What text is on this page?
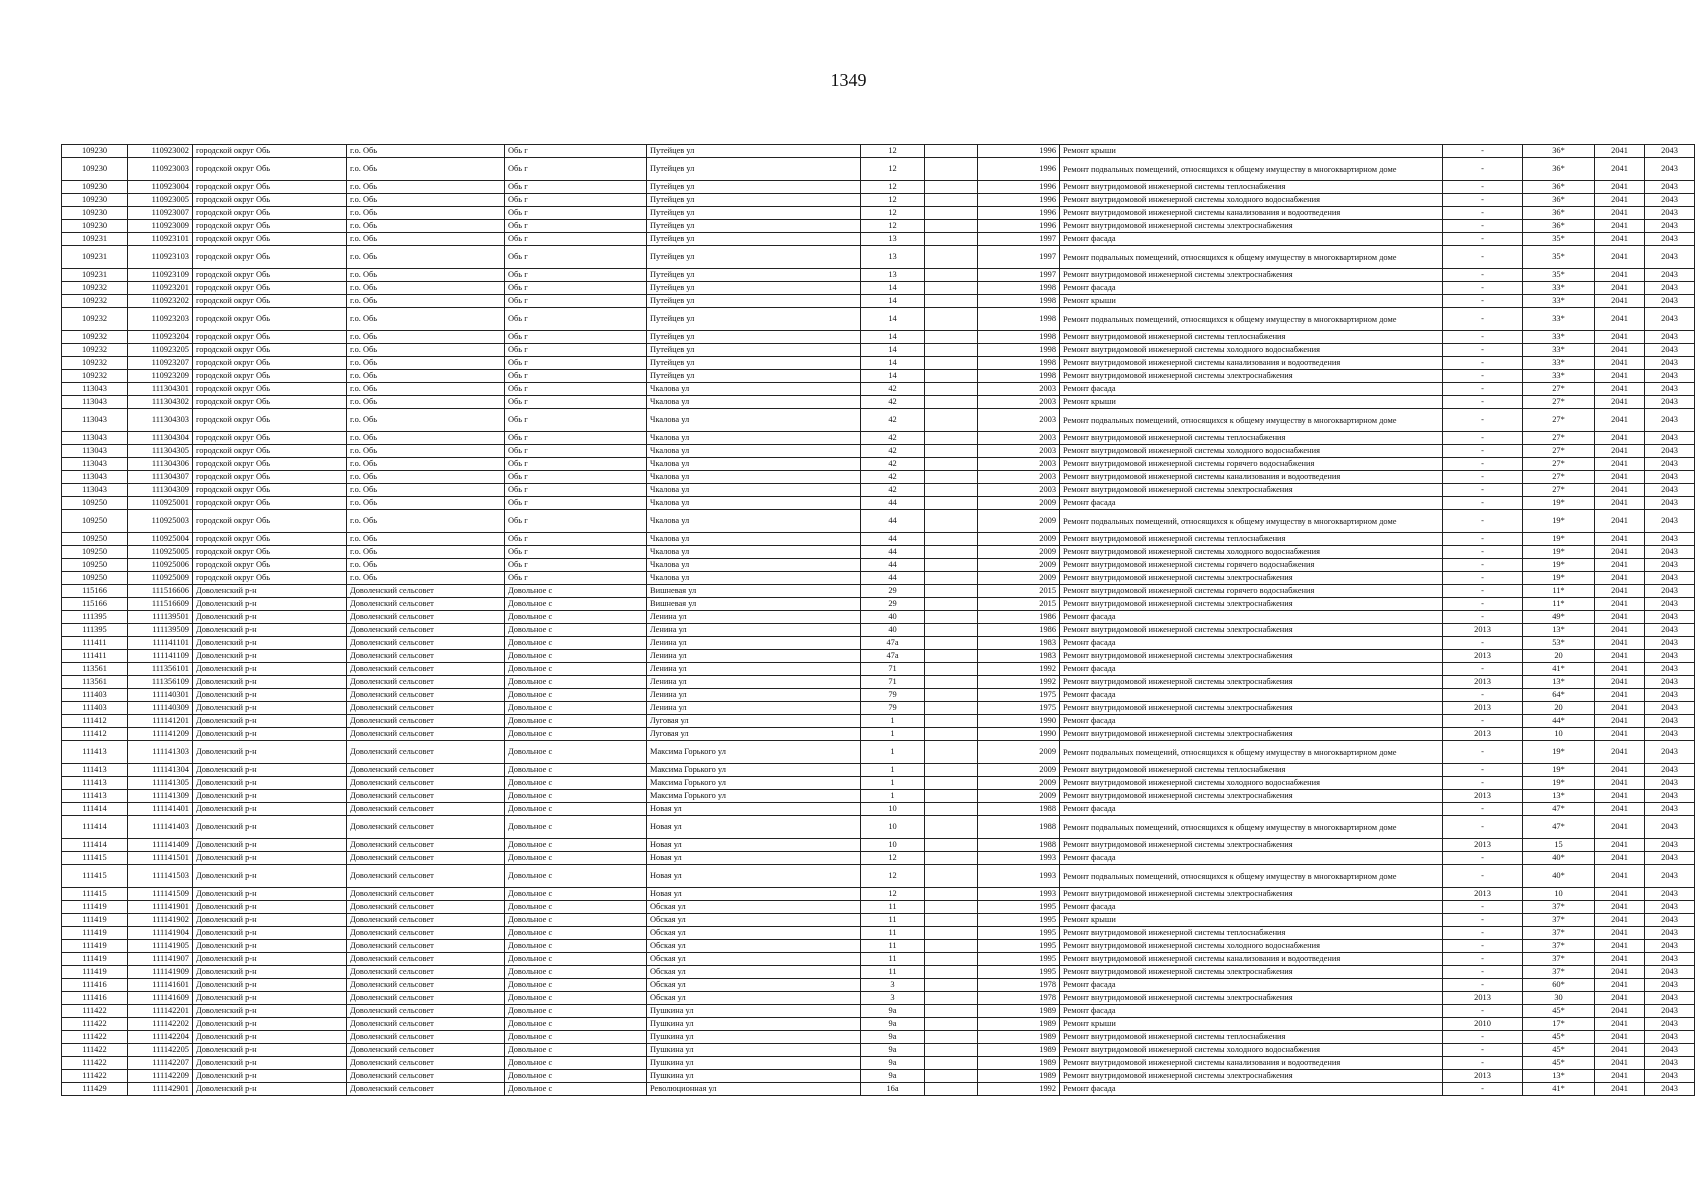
1349
109230	110923002	городской округ Обь	г.о. Обь	Обь г	Путейцев ул	12		1996	Ремонт крыши	-	36*	2041	2043
109230	110923003	городской округ Обь	г.о. Обь	Обь г	Путейцев ул	12		1996	Ремонт подвальных помещений, относящихся к общему имуществу в многоквартирном доме	-	36*	2041	2043
109230	110923004	городской округ Обь	г.о. Обь	Обь г	Путейцев ул	12		1996	Ремонт внутридомовой инженерной системы теплоснабжения	-	36*	2041	2043
109230	110923005	городской округ Обь	г.о. Обь	Обь г	Путейцев ул	12		1996	Ремонт внутридомовой инженерной системы холодного водоснабжения	-	36*	2041	2043
109230	110923007	городской округ Обь	г.о. Обь	Обь г	Путейцев ул	12		1996	Ремонт внутридомовой инженерной системы канализования и водоотведения	-	36*	2041	2043
109230	110923009	городской округ Обь	г.о. Обь	Обь г	Путейцев ул	12		1996	Ремонт внутридомовой инженерной системы электроснабжения	-	36*	2041	2043
109231	110923101	городской округ Обь	г.о. Обь	Обь г	Путейцев ул	13		1997	Ремонт фасада	-	35*	2041	2043
109231	110923103	городской округ Обь	г.о. Обь	Обь г	Путейцев ул	13		1997	Ремонт подвальных помещений, относящихся к общему имуществу в многоквартирном доме	-	35*	2041	2043
109231	110923109	городской округ Обь	г.о. Обь	Обь г	Путейцев ул	13		1997	Ремонт внутридомовой инженерной системы электроснабжения	-	35*	2041	2043
109232	110923201	городской округ Обь	г.о. Обь	Обь г	Путейцев ул	14		1998	Ремонт фасада	-	33*	2041	2043
109232	110923202	городской округ Обь	г.о. Обь	Обь г	Путейцев ул	14		1998	Ремонт крыши	-	33*	2041	2043
109232	110923203	городской округ Обь	г.о. Обь	Обь г	Путейцев ул	14		1998	Ремонт подвальных помещений, относящихся к общему имуществу в многоквартирном доме	-	33*	2041	2043
109232	110923204	городской округ Обь	г.о. Обь	Обь г	Путейцев ул	14		1998	Ремонт внутридомовой инженерной системы теплоснабжения	-	33*	2041	2043
109232	110923205	городской округ Обь	г.о. Обь	Обь г	Путейцев ул	14		1998	Ремонт внутридомовой инженерной системы холодного водоснабжения	-	33*	2041	2043
109232	110923207	городской округ Обь	г.о. Обь	Обь г	Путейцев ул	14		1998	Ремонт внутридомовой инженерной системы канализования и водоотведения	-	33*	2041	2043
109232	110923209	городской округ Обь	г.о. Обь	Обь г	Путейцев ул	14		1998	Ремонт внутридомовой инженерной системы электроснабжения	-	33*	2041	2043
113043	111304301	городской округ Обь	г.о. Обь	Обь г	Чкалова ул	42		2003	Ремонт фасада	-	27*	2041	2043
113043	111304302	городской округ Обь	г.о. Обь	Обь г	Чкалова ул	42		2003	Ремонт крыши	-	27*	2041	2043
113043	111304303	городской округ Обь	г.о. Обь	Обь г	Чкалова ул	42		2003	Ремонт подвальных помещений, относящихся к общему имуществу в многоквартирном доме	-	27*	2041	2043
113043	111304304	городской округ Обь	г.о. Обь	Обь г	Чкалова ул	42		2003	Ремонт внутридомовой инженерной системы теплоснабжения	-	27*	2041	2043
113043	111304305	городской округ Обь	г.о. Обь	Обь г	Чкалова ул	42		2003	Ремонт внутридомовой инженерной системы холодного водоснабжения	-	27*	2041	2043
113043	111304306	городской округ Обь	г.о. Обь	Обь г	Чкалова ул	42		2003	Ремонт внутридомовой инженерной системы горячего водоснабжения	-	27*	2041	2043
113043	111304307	городской округ Обь	г.о. Обь	Обь г	Чкалова ул	42		2003	Ремонт внутридомовой инженерной системы канализования и водоотведения	-	27*	2041	2043
113043	111304309	городской округ Обь	г.о. Обь	Обь г	Чкалова ул	42		2003	Ремонт внутридомовой инженерной системы электроснабжения	-	27*	2041	2043
109250	110925001	городской округ Обь	г.о. Обь	Обь г	Чкалова ул	44		2009	Ремонт фасада	-	19*	2041	2043
109250	110925003	городской округ Обь	г.о. Обь	Обь г	Чкалова ул	44		2009	Ремонт подвальных помещений, относящихся к общему имуществу в многоквартирном доме	-	19*	2041	2043
109250	110925004	городской округ Обь	г.о. Обь	Обь г	Чкалова ул	44		2009	Ремонт внутридомовой инженерной системы теплоснабжения	-	19*	2041	2043
109250	110925005	городской округ Обь	г.о. Обь	Обь г	Чкалова ул	44		2009	Ремонт внутридомовой инженерной системы холодного водоснабжения	-	19*	2041	2043
109250	110925006	городской округ Обь	г.о. Обь	Обь г	Чкалова ул	44		2009	Ремонт внутридомовой инженерной системы горячего водоснабжения	-	19*	2041	2043
109250	110925009	городской округ Обь	г.о. Обь	Обь г	Чкалова ул	44		2009	Ремонт внутридомовой инженерной системы электроснабжения	-	19*	2041	2043
115166	111516606	Доволенский р-н	Доволенский сельсовет	Довольное с	Вишневая ул	29		2015	Ремонт внутридомовой инженерной системы горячего водоснабжения	-	11*	2041	2043
115166	111516609	Доволенский р-н	Доволенский сельсовет	Довольное с	Вишневая ул	29		2015	Ремонт внутридомовой инженерной системы электроснабжения	-	11*	2041	2043
111395	111139501	Доволенский р-н	Доволенский сельсовет	Довольное с	Ленина ул	40		1986	Ремонт фасада	-	49*	2041	2043
111395	111139509	Доволенский р-н	Доволенский сельсовет	Довольное с	Ленина ул	40		1986	Ремонт внутридомовой инженерной системы электроснабжения	2013	13*	2041	2043
111411	111141101	Доволенский р-н	Доволенский сельсовет	Довольное с	Ленина ул	47а		1983	Ремонт фасада	-	53*	2041	2043
111411	111141109	Доволенский р-н	Доволенский сельсовет	Довольное с	Ленина ул	47а		1983	Ремонт внутридомовой инженерной системы электроснабжения	2013	20	2041	2043
113561	111356101	Доволенский р-н	Доволенский сельсовет	Довольное с	Ленина ул	71		1992	Ремонт фасада	-	41*	2041	2043
113561	111356109	Доволенский р-н	Доволенский сельсовет	Довольное с	Ленина ул	71		1992	Ремонт внутридомовой инженерной системы электроснабжения	2013	13*	2041	2043
111403	111140301	Доволенский р-н	Доволенский сельсовет	Довольное с	Ленина ул	79		1975	Ремонт фасада	-	64*	2041	2043
111403	111140309	Доволенский р-н	Доволенский сельсовет	Довольное с	Ленина ул	79		1975	Ремонт внутридомовой инженерной системы электроснабжения	2013	20	2041	2043
111412	111141201	Доволенский р-н	Доволенский сельсовет	Довольное с	Луговая ул	1		1990	Ремонт фасада	-	44*	2041	2043
111412	111141209	Доволенский р-н	Доволенский сельсовет	Довольное с	Луговая ул	1		1990	Ремонт внутридомовой инженерной системы электроснабжения	2013	10	2041	2043
111413	111141303	Доволенский р-н	Доволенский сельсовет	Довольное с	Максима Горького ул	1		2009	Ремонт подвальных помещений, относящихся к общему имуществу в многоквартирном доме	-	19*	2041	2043
111413	111141304	Доволенский р-н	Доволенский сельсовет	Довольное с	Максима Горького ул	1		2009	Ремонт внутридомовой инженерной системы теплоснабжения	-	19*	2041	2043
111413	111141305	Доволенский р-н	Доволенский сельсовет	Довольное с	Максима Горького ул	1		2009	Ремонт внутридомовой инженерной системы холодного водоснабжения	-	19*	2041	2043
111413	111141309	Доволенский р-н	Доволенский сельсовет	Довольное с	Максима Горького ул	1		2009	Ремонт внутридомовой инженерной системы электроснабжения	2013	13*	2041	2043
111414	111141401	Доволенский р-н	Доволенский сельсовет	Довольное с	Новая ул	10		1988	Ремонт фасада	-	47*	2041	2043
111414	111141403	Доволенский р-н	Доволенский сельсовет	Довольное с	Новая ул	10		1988	Ремонт подвальных помещений, относящихся к общему имуществу в многоквартирном доме	-	47*	2041	2043
111414	111141409	Доволенский р-н	Доволенский сельсовет	Довольное с	Новая ул	10		1988	Ремонт внутридомовой инженерной системы электроснабжения	2013	15	2041	2043
111415	111141501	Доволенский р-н	Доволенский сельсовет	Довольное с	Новая ул	12		1993	Ремонт фасада	-	40*	2041	2043
111415	111141503	Доволенский р-н	Доволенский сельсовет	Довольное с	Новая ул	12		1993	Ремонт подвальных помещений, относящихся к общему имуществу в многоквартирном доме	-	40*	2041	2043
111415	111141509	Доволенский р-н	Доволенский сельсовет	Довольное с	Новая ул	12		1993	Ремонт внутридомовой инженерной системы электроснабжения	2013	10	2041	2043
111419	111141901	Доволенский р-н	Доволенский сельсовет	Довольное с	Обская ул	11		1995	Ремонт фасада	-	37*	2041	2043
111419	111141902	Доволенский р-н	Доволенский сельсовет	Довольное с	Обская ул	11		1995	Ремонт крыши	-	37*	2041	2043
111419	111141904	Доволенский р-н	Доволенский сельсовет	Довольное с	Обская ул	11		1995	Ремонт внутридомовой инженерной системы теплоснабжения	-	37*	2041	2043
111419	111141905	Доволенский р-н	Доволенский сельсовет	Довольное с	Обская ул	11		1995	Ремонт внутридомовой инженерной системы холодного водоснабжения	-	37*	2041	2043
111419	111141907	Доволенский р-н	Доволенский сельсовет	Довольное с	Обская ул	11		1995	Ремонт внутридомовой инженерной системы канализования и водоотведения	-	37*	2041	2043
111419	111141909	Доволенский р-н	Доволенский сельсовет	Довольное с	Обская ул	11		1995	Ремонт внутридомовой инженерной системы электроснабжения	-	37*	2041	2043
111416	111141601	Доволенский р-н	Доволенский сельсовет	Довольное с	Обская ул	3		1978	Ремонт фасада	-	60*	2041	2043
111416	111141609	Доволенский р-н	Доволенский сельсовет	Довольное с	Обская ул	3		1978	Ремонт внутридомовой инженерной системы электроснабжения	2013	30	2041	2043
111422	111142201	Доволенский р-н	Доволенский сельсовет	Довольное с	Пушкина ул	9а		1989	Ремонт фасада	-	45*	2041	2043
111422	111142202	Доволенский р-н	Доволенский сельсовет	Довольное с	Пушкина ул	9а		1989	Ремонт крыши	2010	17*	2041	2043
111422	111142204	Доволенский р-н	Доволенский сельсовет	Довольное с	Пушкина ул	9а		1989	Ремонт внутридомовой инженерной системы теплоснабжения	-	45*	2041	2043
111422	111142205	Доволенский р-н	Доволенский сельсовет	Довольное с	Пушкина ул	9а		1989	Ремонт внутридомовой инженерной системы холодного водоснабжения	-	45*	2041	2043
111422	111142207	Доволенский р-н	Доволенский сельсовет	Довольное с	Пушкина ул	9а		1989	Ремонт внутридомовой инженерной системы канализования и водоотведения	-	45*	2041	2043
111422	111142209	Доволенский р-н	Доволенский сельсовет	Довольное с	Пушкина ул	9а		1989	Ремонт внутридомовой инженерной системы электроснабжения	2013	13*	2041	2043
111429	111142901	Доволенский р-н	Доволенский сельсовет	Довольное с	Революционная ул	16а		1992	Ремонт фасада	-	41*	2041	2043
